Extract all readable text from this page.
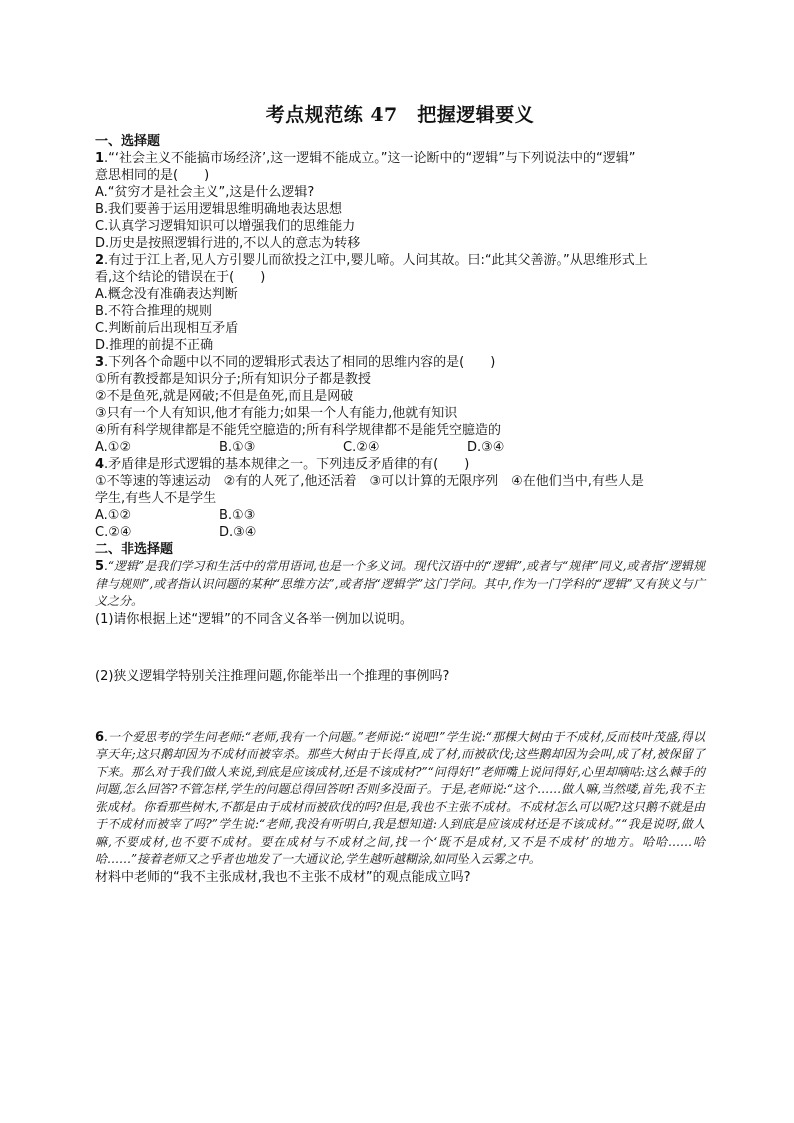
考点规范练 47　把握逻辑要义
一、选择题
1.“‘社会主义不能搞市场经济’,这一逻辑不能成立。”这一论断中的“逻辑”与下列说法中的“逻辑”
意思相同的是(　　)
A.“贫穷才是社会主义”,这是什么逻辑?
B.我们要善于运用逻辑思维明确地表达思想
C.认真学习逻辑知识可以增强我们的思维能力
D.历史是按照逻辑行进的,不以人的意志为转移
2.有过于江上者,见人方引婴儿而欲投之江中,婴儿啼。人问其故。曰:“此其父善游。”从思维形式上
看,这个结论的错误在于(　　)
A.概念没有准确表达判断
B.不符合推理的规则
C.判断前后出现相互矛盾
D.推理的前提不正确
3.下列各个命题中以不同的逻辑形式表达了相同的思维内容的是(　　)
①所有教授都是知识分子;所有知识分子都是教授
②不是鱼死,就是网破;不但是鱼死,而且是网破
③只有一个人有知识,他才有能力;如果一个人有能力,他就有知识
④所有科学规律都是不能凭空臆造的;所有科学规律都不是能凭空臆造的
A.①②	B.①③	C.②④	D.③④
4.矛盾律是形式逻辑的基本规律之一。下列违反矛盾律的有(　　)
①不等速的等速运动　②有的人死了,他还活着　③可以计算的无限序列　④在他们当中,有些人是
学生,有些人不是学生
A.①②	B.①③
C.②④	D.③④
二、非选择题
5.“逻辑”是我们学习和生活中的常用语词,也是一个多义词。现代汉语中的“逻辑”,或者与“规律”同义,或者指“逻辑规律与规则”,或者指认识问题的某种“思维方法”,或者指“逻辑学”这门学问。其中,作为一门学科的“逻辑”又有狭义与广义之分。
(1)请你根据上述“逻辑”的不同含义各举一例加以说明。
(2)狭义逻辑学特别关注推理问题,你能举出一个推理的事例吗?
6.一个爱思考的学生问老师:“老师,我有一个问题。”老师说:“说吧!”学生说:“那棵大树由于不成材,反而枝叶茂盛,得以享天年;这只鹅却因为不成材而被宰杀。那些大树由于长得直,成了材,而被砍伐;这些鹅却因为会叫,成了材,被保留了下来。那么对于我们做人来说,到底是应该成材,还是不该成材?”“问得好!”老师嘴上说问得好,心里却嘀咕:这么棘手的问题,怎么回答?不管怎样,学生的问题总得回答呀!否则多没面子。于是,老师说:“这个……做人嘛,当然喽,首先,我不主张成材。你看那些树木,不都是由于成材而被砍伐的吗?但是,我也不主张不成材。不成材怎么可以呢?这只鹅不就是由于不成材而被宰了吗?”学生说:“老师,我没有听明白,我是想知道:人到底是应该成材还是不该成材。”“我是说呀,做人嘛,不要成材,也不要不成材。要在成材与不成材之间,找一个‘既不是成材,又不是不成材’的地方。哈哈……哈哈……”接着老师又之乎者也地发了一大通议论,学生越听越糊涂,如同坠入云雾之中。
材料中老师的“我不主张成材,我也不主张不成材”的观点能成立吗?
